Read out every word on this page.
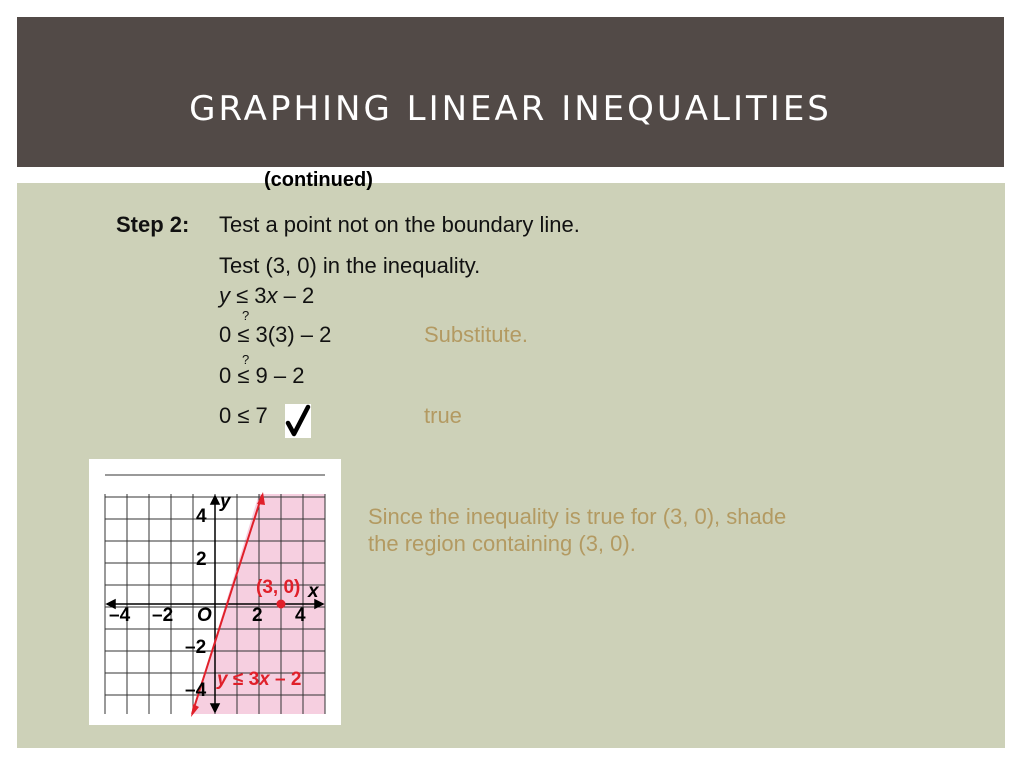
GRAPHING LINEAR INEQUALITIES
(continued)
Step 2: Test a point not on the boundary line.
Test (3, 0) in the inequality.
y ≤ 3x – 2
?
0 ≤ 3(3) – 2	Substitute.
?
0 ≤ 9 – 2
0 ≤ 7	true
Since the inequality is true for (3, 0), shade
the region containing (3, 0).
–4 –2	2 4
4
2
–2
–4
O
y
x
(3, 0)
y ≤ 3x – 2
